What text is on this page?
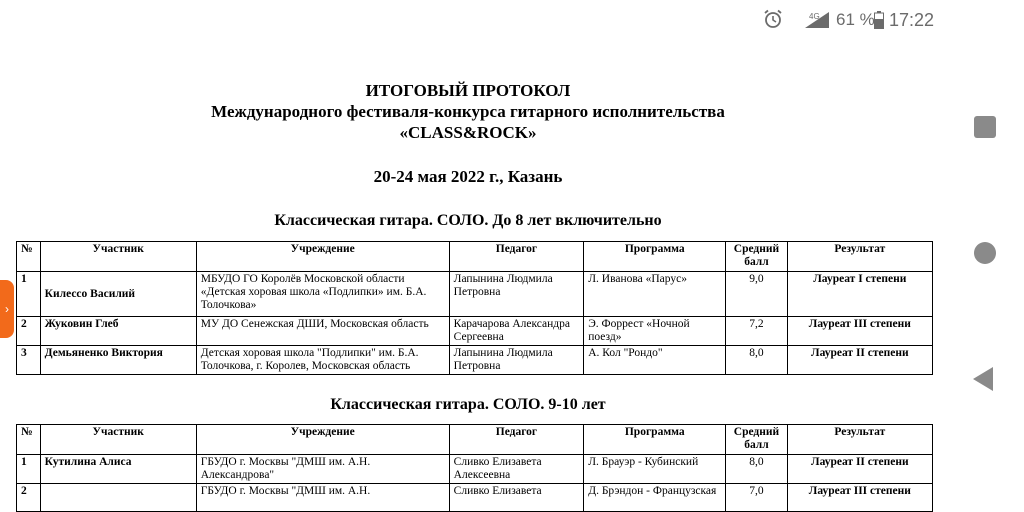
4G 61 % 17:22
›
ИТОГОВЫЙ ПРОТОКОЛ
Международного фестиваля-конкурса гитарного исполнительства
«CLASS&ROCK»
20-24 мая 2022 г., Казань
Классическая гитара. СОЛО. До 8 лет включительно
№	Участник	Учреждение	Педагог	Программа	Средний балл	Результат
1	Килессо Василий	МБУДО ГО Королёв Московской области «Детская хоровая школа «Подлипки» им. Б.А. Толочкова»	Лапынина Людмила Петровна	Л. Иванова «Парус»	9,0	Лауреат I степени
2	Жуковин Глеб	МУ ДО Сенежская ДШИ, Московская область	Карачарова Александра Сергеевна	Э. Форрест «Ночной поезд»	7,2	Лауреат III степени
3	Демьяненко Виктория	Детская хоровая школа "Подлипки" им. Б.А. Толочкова, г. Королев, Московская область	Лапынина Людмила Петровна	А. Кол "Рондо"	8,0	Лауреат II степени
Классическая гитара. СОЛО. 9-10 лет
№	Участник	Учреждение	Педагог	Программа	Средний балл	Результат
1	Кутилина Алиса	ГБУДО г. Москвы "ДМШ им. А.Н. Александрова"	Сливко Елизавета Алексеевна	Л. Брауэр - Кубинский	8,0	Лауреат II степени
2		ГБУДО г. Москвы "ДМШ им. А.Н.	Сливко Елизавета	Д. Брэндон - Французская	7,0	Лауреат III степени
